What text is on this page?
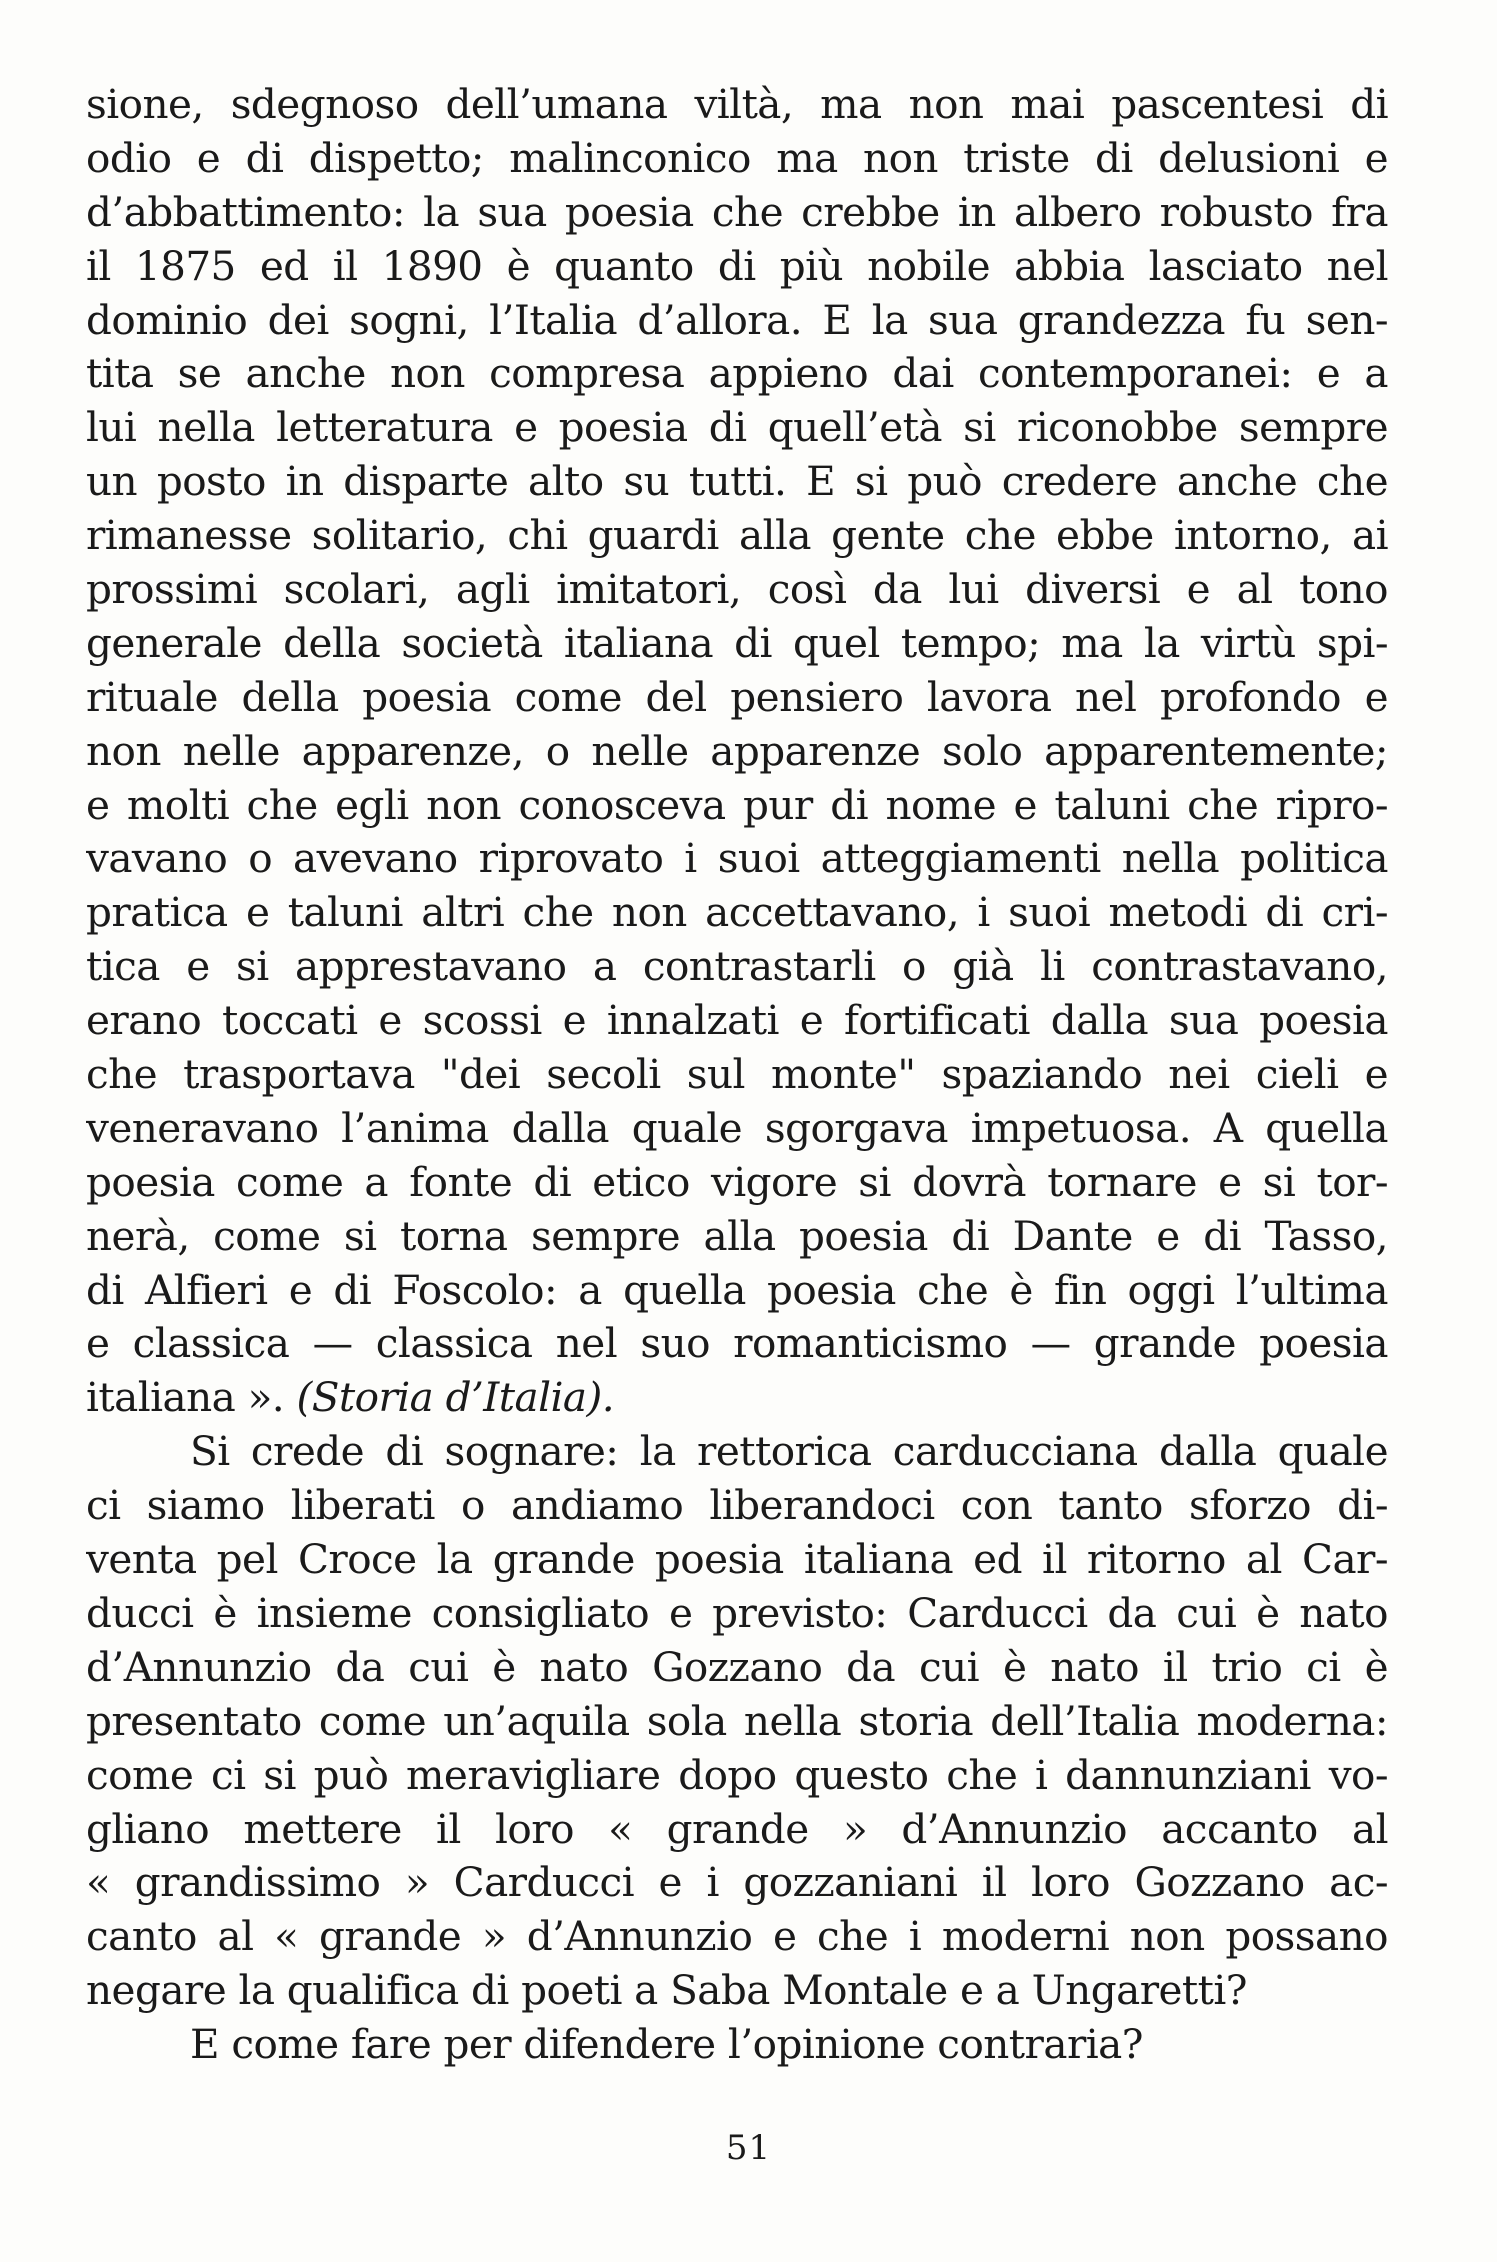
sione, sdegnoso dell’umana viltà, ma non mai pascentesi di
odio e di dispetto; malinconico ma non triste di delusioni e
d’abbattimento: la sua poesia che crebbe in albero robusto fra
il 1875 ed il 1890 è quanto di più nobile abbia lasciato nel
dominio dei sogni, l’Italia d’allora. E la sua grandezza fu sen-
tita se anche non compresa appieno dai contemporanei: e a
lui nella letteratura e poesia di quell’età si riconobbe sempre
un posto in disparte alto su tutti. E si può credere anche che
rimanesse solitario, chi guardi alla gente che ebbe intorno, ai
prossimi scolari, agli imitatori, così da lui diversi e al tono
generale della società italiana di quel tempo; ma la virtù spi-
rituale della poesia come del pensiero lavora nel profondo e
non nelle apparenze, o nelle apparenze solo apparentemente;
e molti che egli non conosceva pur di nome e taluni che ripro-
vavano o avevano riprovato i suoi atteggiamenti nella politica
pratica e taluni altri che non accettavano, i suoi metodi di cri-
tica e si apprestavano a contrastarli o già li contrastavano,
erano toccati e scossi e innalzati e fortificati dalla sua poesia
che trasportava "dei secoli sul monte" spaziando nei cieli e
veneravano l’anima dalla quale sgorgava impetuosa. A quella
poesia come a fonte di etico vigore si dovrà tornare e si tor-
nerà, come si torna sempre alla poesia di Dante e di Tasso,
di Alfieri e di Foscolo: a quella poesia che è fin oggi l’ultima
e classica — classica nel suo romanticismo — grande poesia
italiana ». (Storia d’Italia).
Si crede di sognare: la rettorica carducciana dalla quale
ci siamo liberati o andiamo liberandoci con tanto sforzo di-
venta pel Croce la grande poesia italiana ed il ritorno al Car-
ducci è insieme consigliato e previsto: Carducci da cui è nato
d’Annunzio da cui è nato Gozzano da cui è nato il trio ci è
presentato come un’aquila sola nella storia dell’Italia moderna:
come ci si può meravigliare dopo questo che i dannunziani vo-
gliano mettere il loro « grande » d’Annunzio accanto al
« grandissimo » Carducci e i gozzaniani il loro Gozzano ac-
canto al « grande » d’Annunzio e che i moderni non possano
negare la qualifica di poeti a Saba Montale e a Ungaretti?
E come fare per difendere l’opinione contraria?
51
